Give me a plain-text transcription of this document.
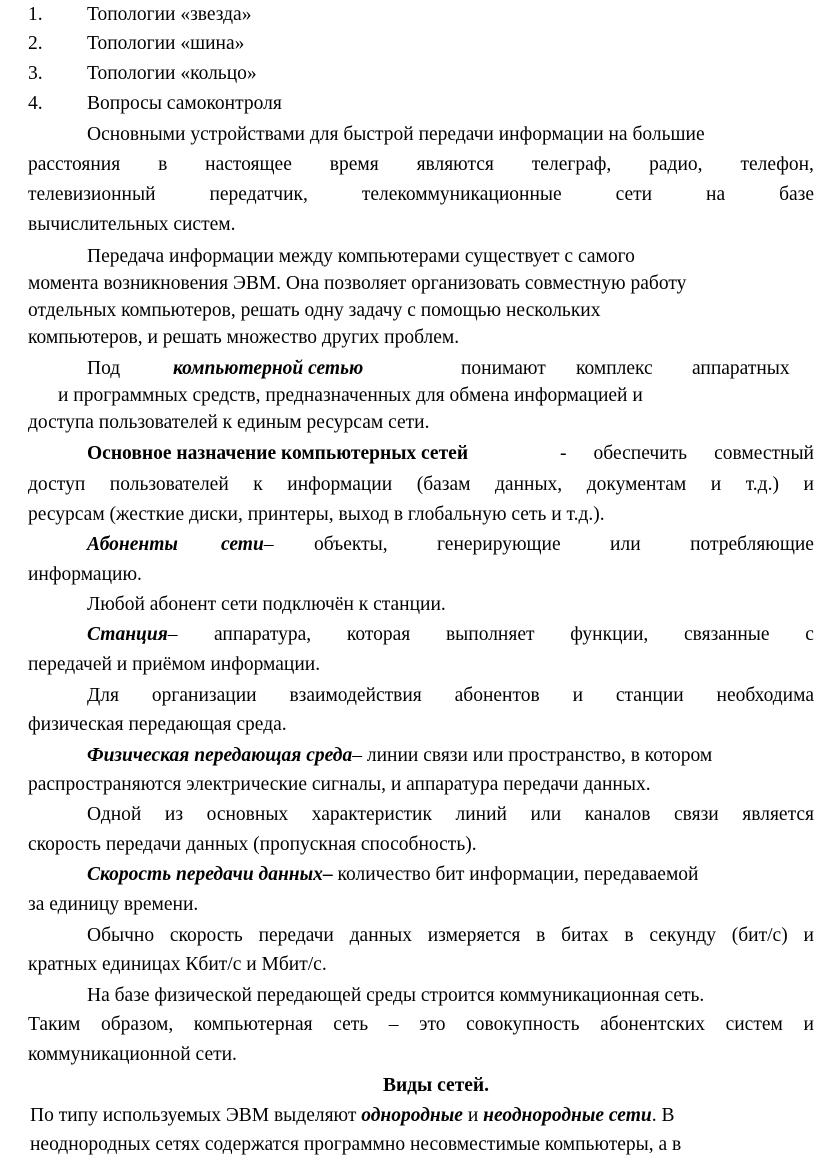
1. Топологии «звезда»
2. Топологии «шина»
3. Топологии «кольцо»
4. Вопросы самоконтроля
Основными устройствами для быстрой передачи информации на большие
расстояния в настоящее время являются телеграф, радио, телефон,
телевизионный	передатчик,	телекоммуникационные	сети	на	базе
вычислительных систем.
Передача информации между компьютерами существует с самого
момента возникновения ЭВМ. Она позволяет организовать совместную работу
отдельных компьютеров, решать одну задачу с помощью нескольких
компьютеров, и решать множество других проблем.
Под	компьютерной сетью	понимают комплекс аппаратных
и программных средств, предназначенных для обмена информацией и
доступа пользователей к единым ресурсам сети.
Основное назначение компьютерных сетей	- обеспечить совместный
доступ пользователей к информации (базам данных, документам и т.д.) и
ресурсам (жесткие диски, принтеры, выход в глобальную сеть и т.д.).
Абоненты сети– объекты,	генерирующие	или	потребляющие
информацию.
Любой абонент сети подключён к станции.
Станция– аппаратура, которая выполняет функции, связанные с
передачей и приёмом информации.
Для организации взаимодействия абонентов и станции необходима
физическая передающая среда.
Физическая передающая среда– линии связи или пространство, в котором
распространяются электрические сигналы, и аппаратура передачи данных.
Одной из основных характеристик линий или каналов связи является
скорость передачи данных (пропускная способность).
Скорость передачи данных– количество бит информации, передаваемой
за единицу времени.
Обычно скорость передачи данных измеряется в битах в секунду (бит/с) и
кратных единицах Кбит/с и Мбит/с.
На базе физической передающей среды строится коммуникационная сеть.
Таким образом, компьютерная сеть – это совокупность абонентских систем и
коммуникационной сети.
Виды сетей.
По типу используемых ЭВМ выделяют однородные и неоднородные сети. В
неоднородных сетях содержатся программно несовместимые компьютеры, а в
